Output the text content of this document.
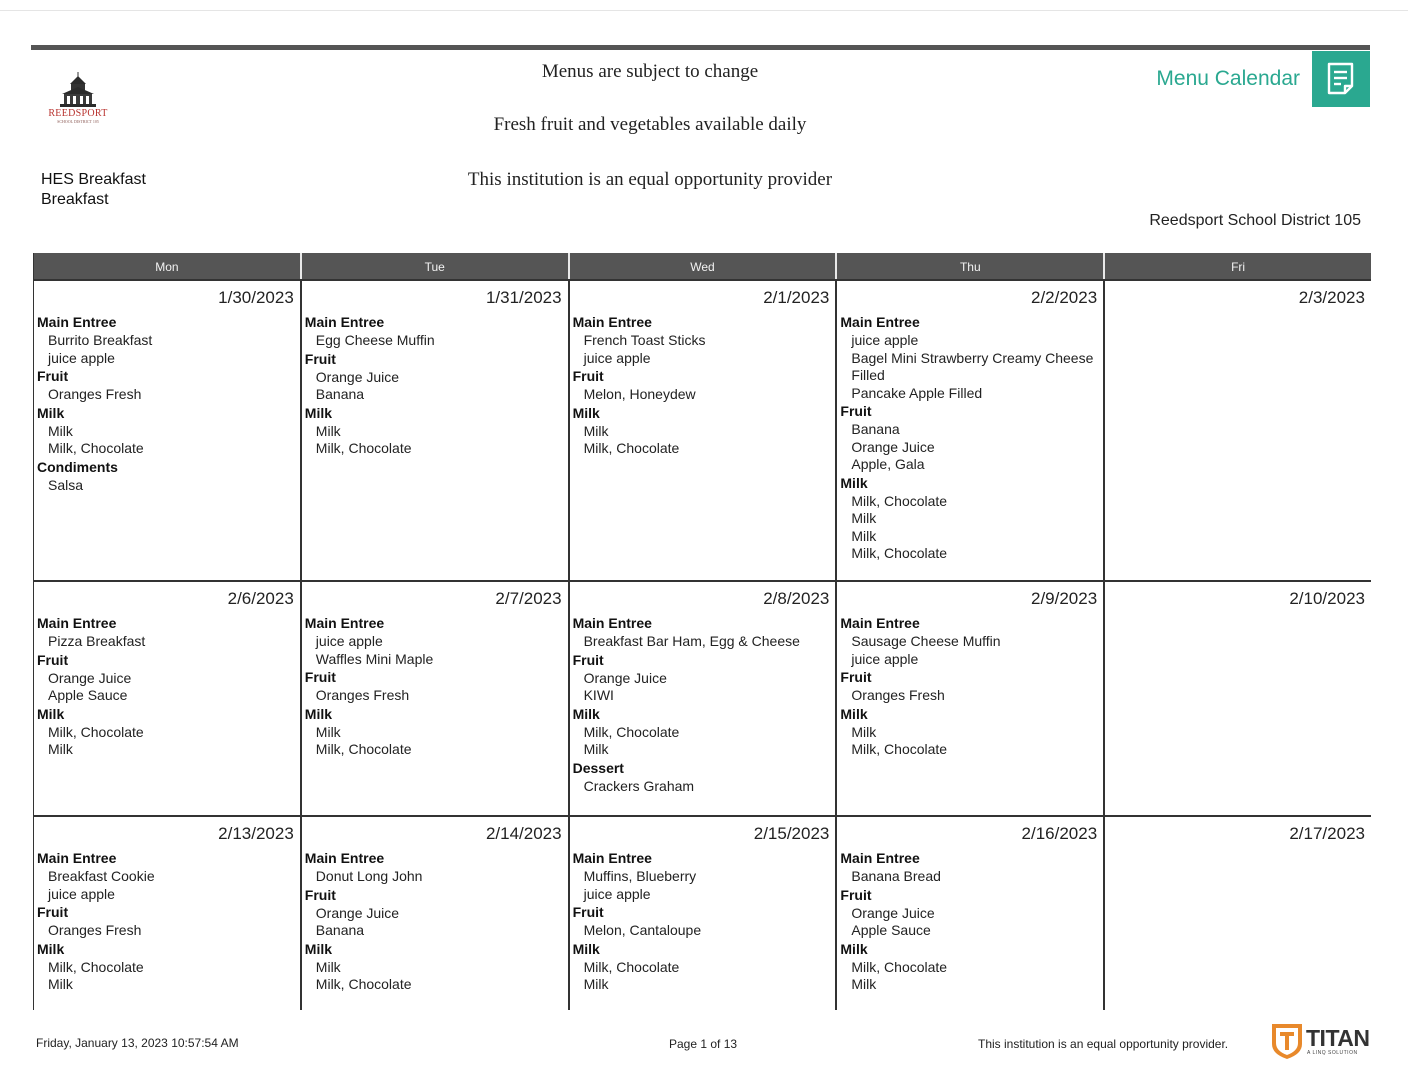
REEDSPORT
SCHOOL DISTRICT 105
Menus are subject to change
Fresh fruit and vegetables available daily
This institution is an equal opportunity provider
Menu Calendar
HES Breakfast
Breakfast
Reedsport School District 105
Mon	Tue	Wed	Thu	Fri
1/30/2023
Main Entree
Burrito Breakfast
juice apple
Fruit
Oranges Fresh
Milk
Milk
Milk, Chocolate
Condiments
Salsa
1/31/2023
Main Entree
Egg Cheese Muffin
Fruit
Orange Juice
Banana
Milk
Milk
Milk, Chocolate
2/1/2023
Main Entree
French Toast Sticks
juice apple
Fruit
Melon, Honeydew
Milk
Milk
Milk, Chocolate
2/2/2023
Main Entree
juice apple
Bagel Mini Strawberry Creamy Cheese Filled
Pancake Apple Filled
Fruit
Banana
Orange Juice
Apple, Gala
Milk
Milk, Chocolate
Milk
Milk
Milk, Chocolate
2/3/2023
2/6/2023
Main Entree
Pizza Breakfast
Fruit
Orange Juice
Apple Sauce
Milk
Milk, Chocolate
Milk
2/7/2023
Main Entree
juice apple
Waffles Mini Maple
Fruit
Oranges Fresh
Milk
Milk
Milk, Chocolate
2/8/2023
Main Entree
Breakfast Bar Ham, Egg & Cheese
Fruit
Orange Juice
KIWI
Milk
Milk, Chocolate
Milk
Dessert
Crackers Graham
2/9/2023
Main Entree
Sausage Cheese Muffin
juice apple
Fruit
Oranges Fresh
Milk
Milk
Milk, Chocolate
2/10/2023
2/13/2023
Main Entree
Breakfast Cookie
juice apple
Fruit
Oranges Fresh
Milk
Milk, Chocolate
Milk
2/14/2023
Main Entree
Donut Long John
Fruit
Orange Juice
Banana
Milk
Milk
Milk, Chocolate
2/15/2023
Main Entree
Muffins, Blueberry
juice apple
Fruit
Melon, Cantaloupe
Milk
Milk, Chocolate
Milk
2/16/2023
Main Entree
Banana Bread
Fruit
Orange Juice
Apple Sauce
Milk
Milk, Chocolate
Milk
2/17/2023
Friday, January 13, 2023 10:57:54 AM	Page 1 of 13	This institution is an equal opportunity provider.	TITAN
A LINQ SOLUTION
